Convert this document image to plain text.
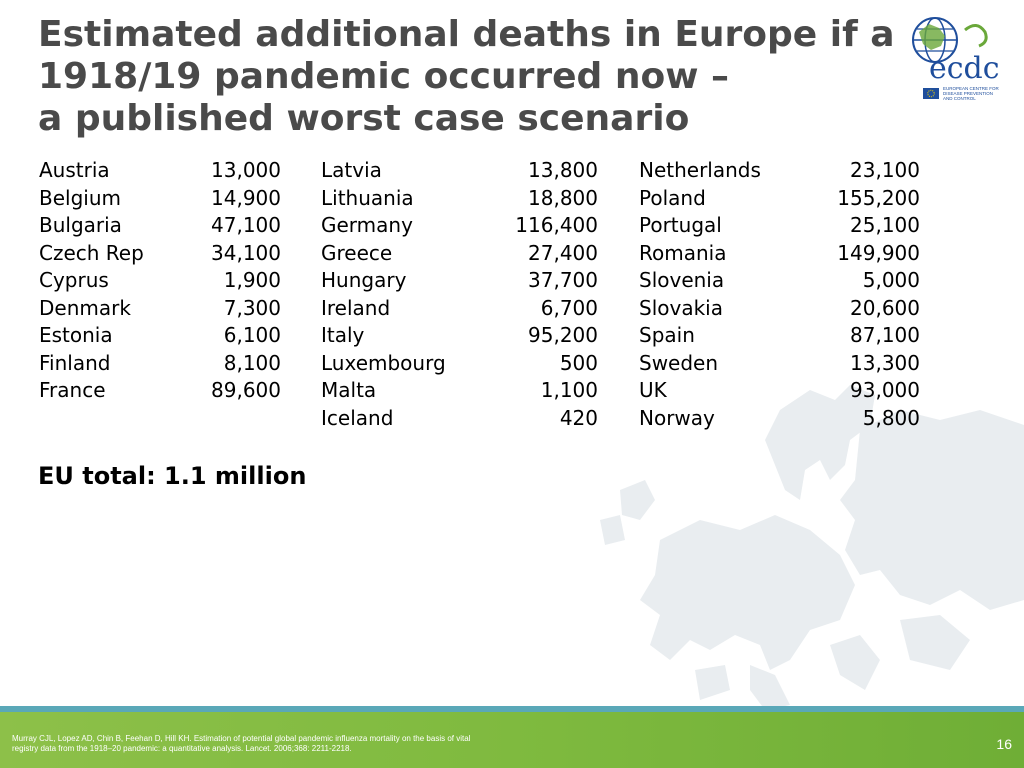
Estimated additional deaths in Europe if a
1918/19 pandemic occurred now –
a published worst case scenario
ecdc
EUROPEAN CENTRE FOR
DISEASE PREVENTION
AND CONTROL
Austria	13,000
Belgium	14,900
Bulgaria	47,100
Czech Rep	34,100
Cyprus	1,900
Denmark	7,300
Estonia	6,100
Finland	8,100
France	89,600
Latvia	13,800
Lithuania	18,800
Germany	116,400
Greece	27,400
Hungary	37,700
Ireland	6,700
Italy	95,200
Luxembourg	500
Malta	1,100
Iceland	420
Netherlands	23,100
Poland	155,200
Portugal	25,100
Romania	149,900
Slovenia	5,000
Slovakia	20,600
Spain	87,100
Sweden	13,300
UK	93,000
Norway	5,800
EU total: 1.1 million
Murray CJL, Lopez AD, Chin B, Feehan D, Hill KH. Estimation of potential global pandemic influenza mortality on the basis of vital registry data from the 1918–20 pandemic: a quantitative analysis. Lancet. 2006;368: 2211-2218.	16
